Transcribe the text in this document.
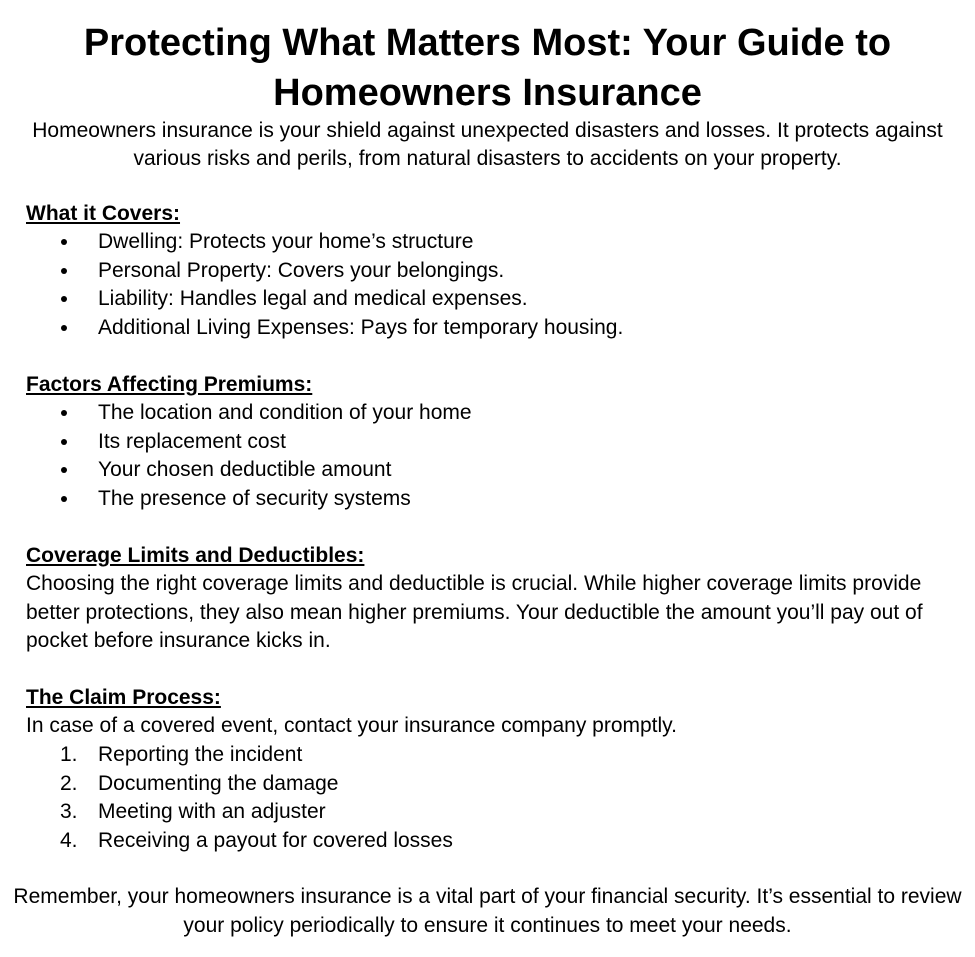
Protecting What Matters Most: Your Guide to Homeowners Insurance

Homeowners insurance is your shield against unexpected disasters and losses. It protects against various risks and perils, from natural disasters to accidents on your property.

What it Covers:
Dwelling: Protects your home’s structure
Personal Property: Covers your belongings.
Liability: Handles legal and medical expenses.
Additional Living Expenses: Pays for temporary housing.
Factors Affecting Premiums:
The location and condition of your home
Its replacement cost
Your chosen deductible amount
The presence of security systems
Coverage Limits and Deductibles:

Choosing the right coverage limits and deductible is crucial. While higher coverage limits provide better protections, they also mean higher premiums. Your deductible the amount you’ll pay out of pocket before insurance kicks in.

The Claim Process:

In case of a covered event, contact your insurance company promptly.

1. Reporting the incident
2. Documenting the damage
3. Meeting with an adjuster
4. Receiving a payout for covered losses

Remember, your homeowners insurance is a vital part of your financial security. It’s essential to review your policy periodically to ensure it continues to meet your needs.
